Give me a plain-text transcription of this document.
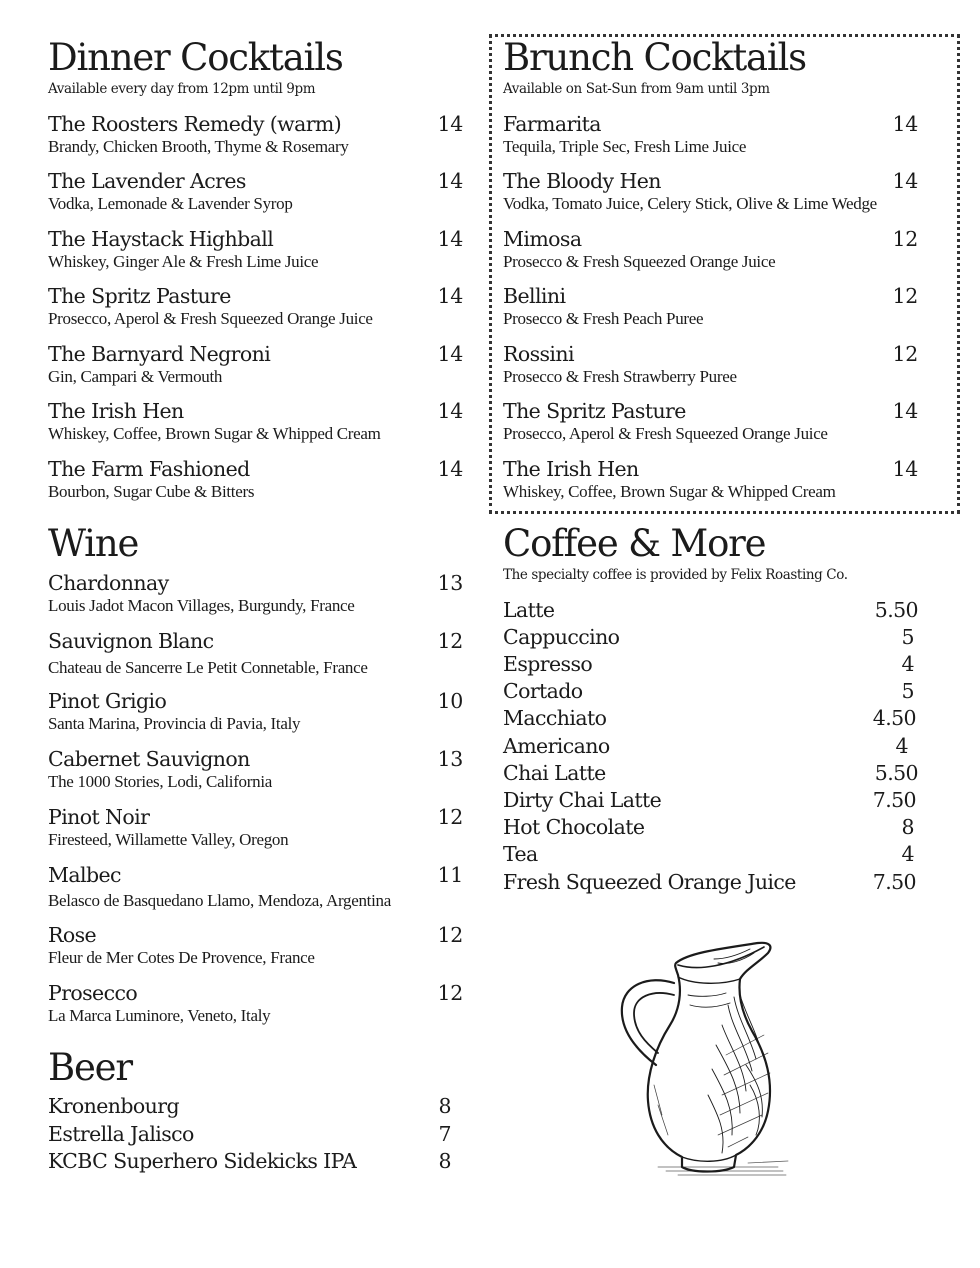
Dinner Cocktails

Available every day from 12pm until 9pm

The Roosters Remedy (warm)	14
Brandy, Chicken Brooth, Thyme & Rosemary
The Lavender Acres	14
Vodka, Lemonade & Lavender Syrop
The Haystack Highball	14
Whiskey, Ginger Ale & Fresh Lime Juice
The Spritz Pasture	14
Prosecco, Aperol & Fresh Squeezed Orange Juice
The Barnyard Negroni	14
Gin, Campari & Vermouth
The Irish Hen	14
Whiskey, Coffee, Brown Sugar & Whipped Cream
The Farm Fashioned	14
Bourbon, Sugar Cube & Bitters
Wine
Chardonnay	13
Louis Jadot Macon Villages, Burgundy, France
Sauvignon Blanc	12
Chateau de Sancerre Le Petit Connetable, France
Pinot Grigio	10
Santa Marina, Provincia di Pavia, Italy
Cabernet Sauvignon	13
The 1000 Stories, Lodi, California
Pinot Noir	12
Firesteed, Willamette Valley, Oregon
Malbec	11
Belasco de Basquedano Llamo, Mendoza, Argentina
Rose	12
Fleur de Mer Cotes De Provence, France
Prosecco	12
La Marca Luminore, Veneto, Italy
Beer
Kronenbourg	8
Estrella Jalisco	7
KCBC Superhero Sidekicks IPA	8
Brunch Cocktails

Available on Sat-Sun from 9am until 3pm

Farmarita	14
Tequila, Triple Sec, Fresh Lime Juice
The Bloody Hen	14
Vodka, Tomato Juice, Celery Stick, Olive & Lime Wedge
Mimosa	12
Prosecco & Fresh Squeezed Orange Juice
Bellini	12
Prosecco & Fresh Peach Puree
Rossini	12
Prosecco & Fresh Strawberry Puree
The Spritz Pasture	14
Prosecco, Aperol & Fresh Squeezed Orange Juice
The Irish Hen	14
Whiskey, Coffee, Brown Sugar & Whipped Cream
Coffee & More

The specialty coffee is provided by Felix Roasting Co.

Latte	5.50
Cappuccino	5
Espresso	4
Cortado	5
Macchiato	4.50
Americano	4
Chai Latte	5.50
Dirty Chai Latte	7.50
Hot Chocolate	8
Tea	4
Fresh Squeezed Orange Juice	7.50
